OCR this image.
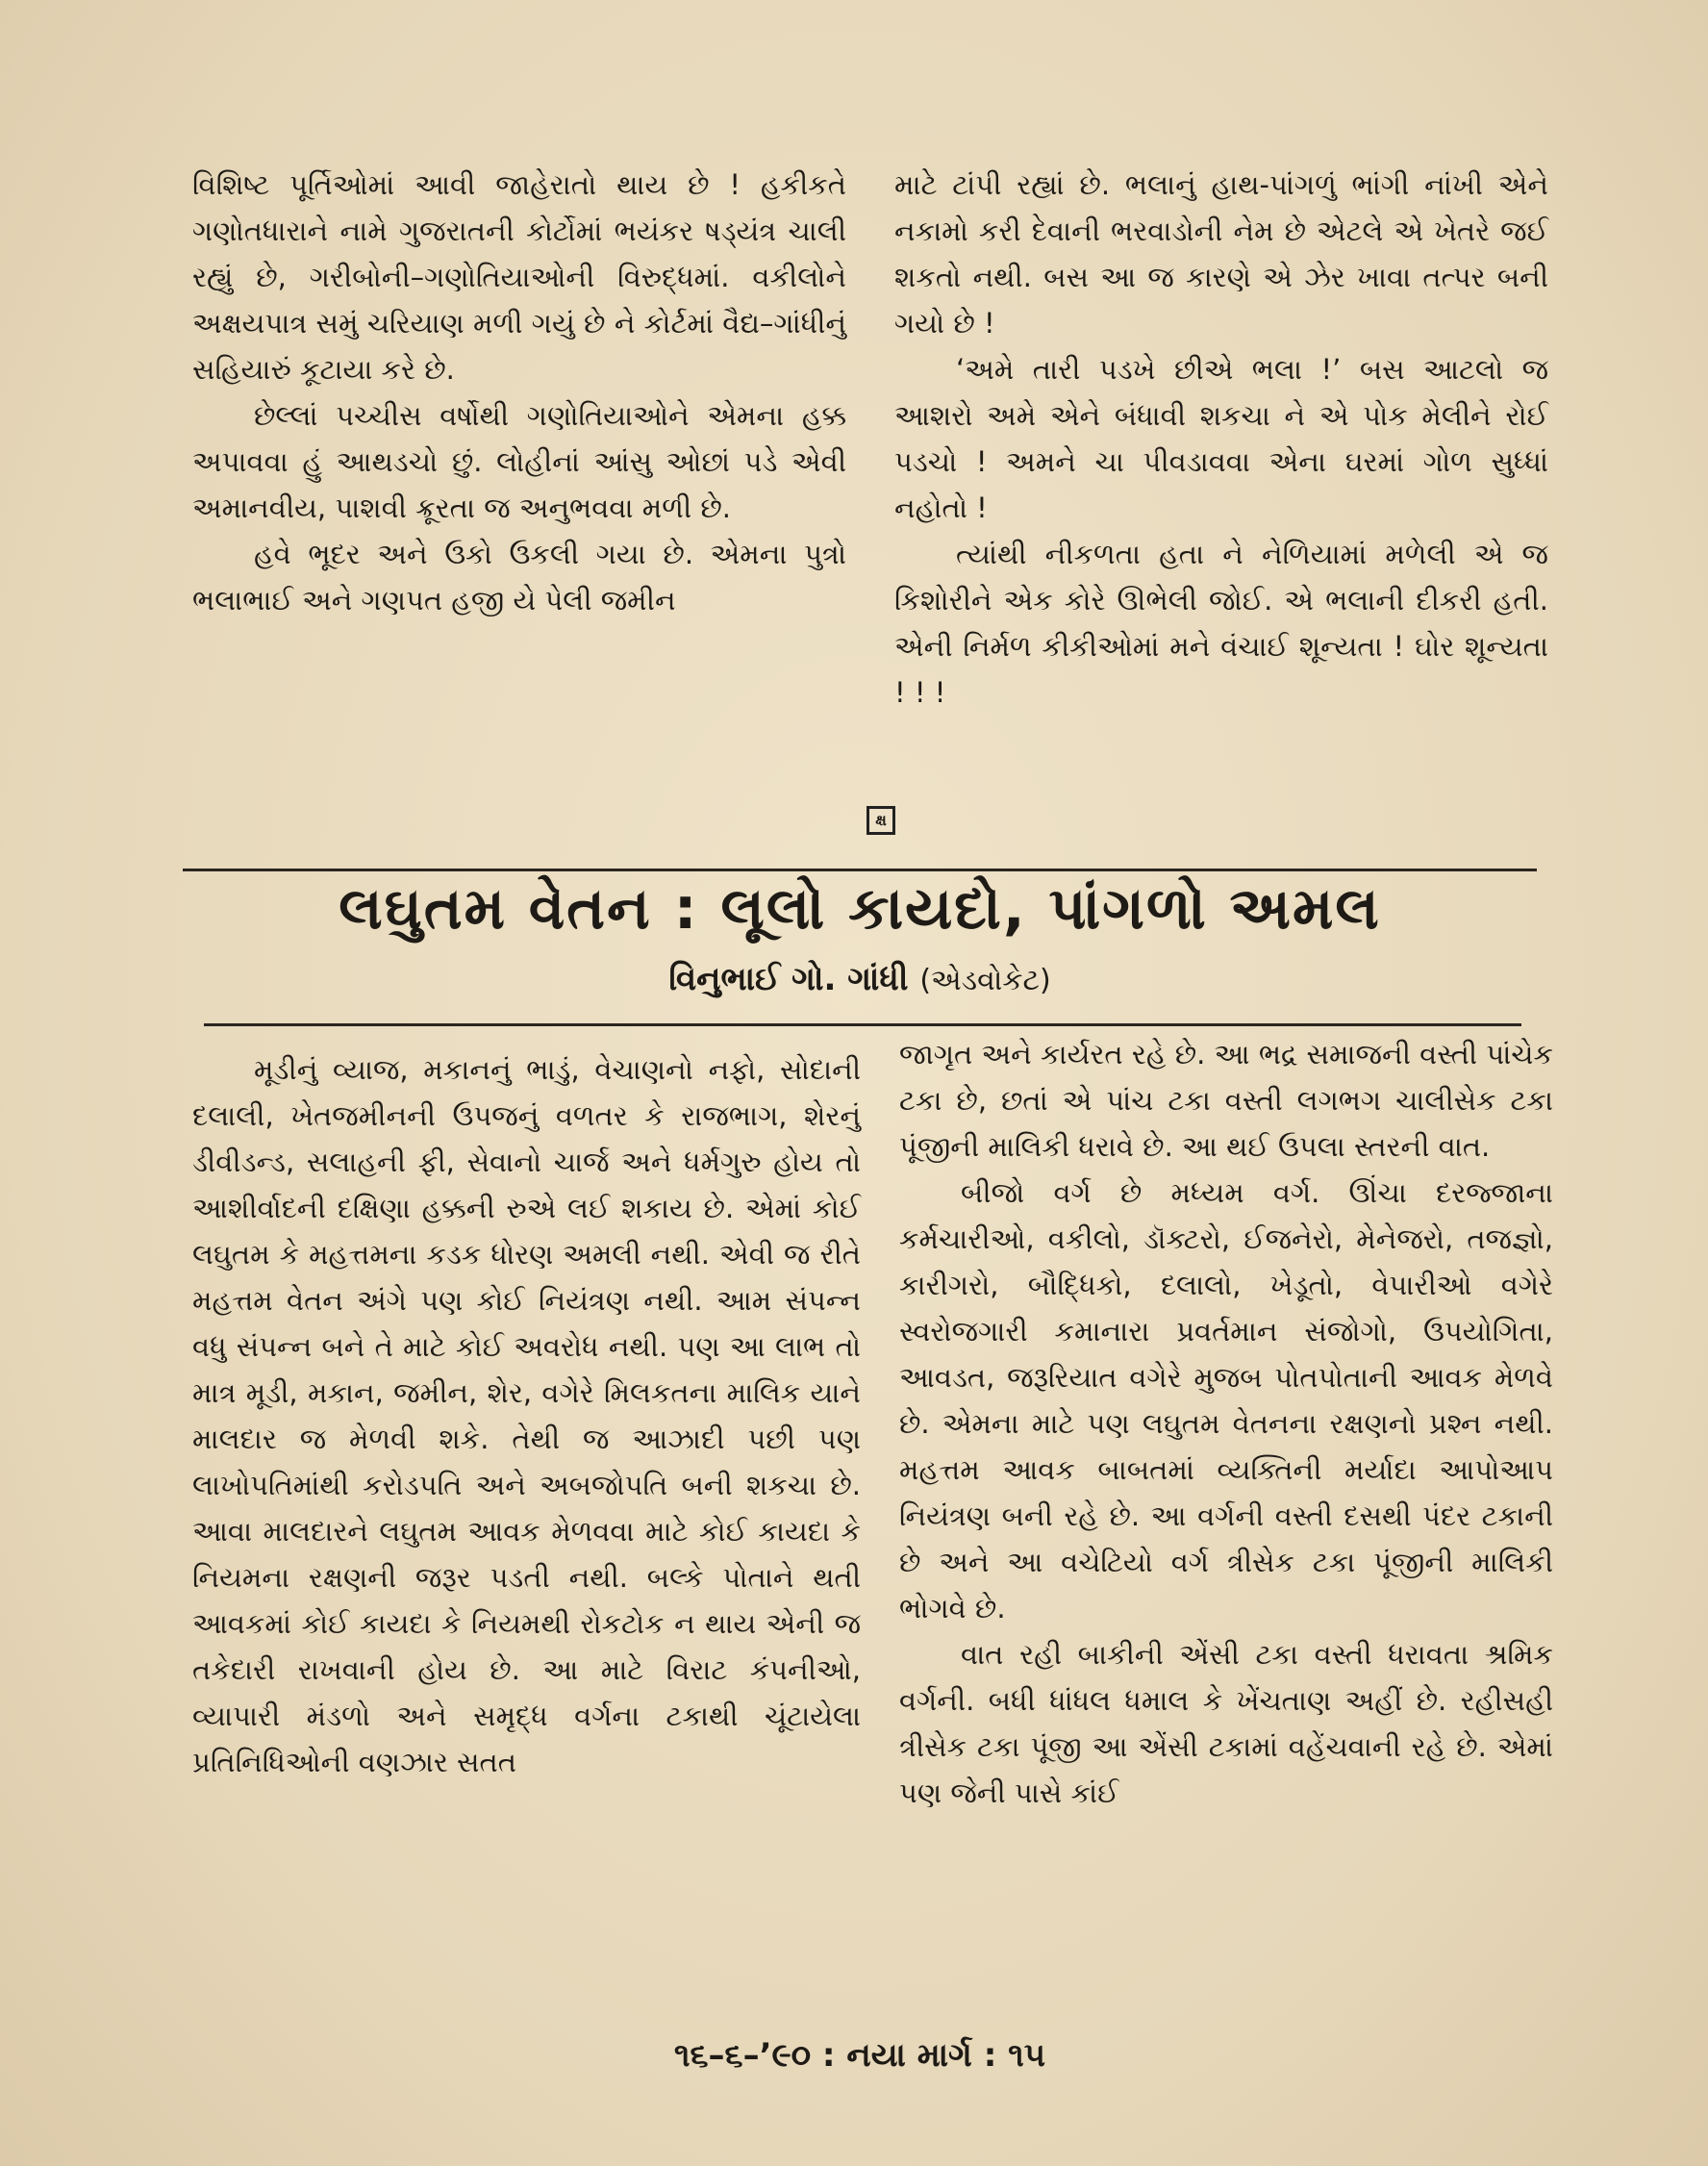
વિશિષ્ટ પૂર્તિઓમાં આવી જાહેરાતો થાય છે ! હકીકતે ગણોતધારાને નામે ગુજરાતની કોર્ટોમાં ભયંકર ષડ્‌યંત્ર ચાલી રહ્યું છે, ગરીબોની–ગણોતિયાઓની વિરુદ્ધમાં. વકીલોને અક્ષયપાત્ર સમું ચરિયાણ મળી ગયું છે ને કોર્ટમાં વૈદ્ય–ગાંધીનું સહિયારું કૂટાયા કરે છે.

છેલ્લાં પચ્ચીસ વર્ષોથી ગણોતિયાઓને એમના હક્ક અપાવવા હું આથડચો છું. લોહીનાં આંસુ ઓછાં પડે એવી અમાનવીય, પાશવી ક્રૂરતા જ અનુભવવા મળી છે.

હવે ભૂદર અને ઉકો ઉકલી ગયા છે. એમના પુત્રો ભલાભાઈ અને ગણપત હજી યે પેલી જમીન

માટે ટાંપી રહ્યાં છે. ભલાનું હાથ-પાંગળું ભાંગી નાંખી એને નકામો કરી દેવાની ભરવાડોની નેમ છે એટલે એ ખેતરે જઈ શકતો નથી. બસ આ જ કારણે એ ઝેર ખાવા તત્પર બની ગયો છે !

‘અમે તારી પડખે છીએ ભલા !’ બસ આટલો જ આશરો અમે એને બંધાવી શકચા ને એ પોક મેલીને રોઈ પડચો ! અમને ચા પીવડાવવા એના ઘરમાં ગોળ સુધ્ધાં નહોતો !

ત્યાંથી નીકળતા હતા ને નેળિયામાં મળેલી એ જ કિશોરીને એક કોરે ઊભેલી જોઈ. એ ભલાની દીકરી હતી. એની નિર્મળ કીકીઓમાં મને વંચાઈ શૂન્યતા ! ઘોર શૂન્યતા ! ! !

ક્ષ
લઘુતમ વેતન : લૂલો કાયદો, પાંગળો અમલ
વિનુભાઈ ગો. ગાંધી (એડવોકેટ)

મૂડીનું વ્યાજ, મકાનનું ભાડું, વેચાણનો નફો, સોદાની દલાલી, ખેતજમીનની ઉપજનું વળતર કે રાજભાગ, શેરનું ડીવીડન્ડ, સલાહની ફી, સેવાનો ચાર્જ અને ધર્મગુરુ હોય તો આશીર્વાદની દક્ષિણા હક્કની રુએ લઈ શકાય છે. એમાં કોઈ લઘુતમ કે મહત્તમના કડક ધોરણ અમલી નથી. એવી જ રીતે મહત્તમ વેતન અંગે પણ કોઈ નિયંત્રણ નથી. આમ સંપન્ન વધુ સંપન્ન બને તે માટે કોઈ અવરોધ નથી. પણ આ લાભ તો માત્ર મૂડી, મકાન, જમીન, શેર, વગેરે મિલકતના માલિક યાને માલદાર જ મેળવી શકે. તેથી જ આઝાદી પછી પણ લાખોપતિમાંથી કરોડપતિ અને અબજોપતિ બની શકચા છે. આવા માલદારને લઘુતમ આવક મેળવવા માટે કોઈ કાયદા કે નિયમના રક્ષણની જરૂર પડતી નથી. બલ્કે પોતાને થતી આવકમાં કોઈ કાયદા કે નિયમથી રોકટોક ન થાય એની જ તકેદારી રાખવાની હોય છે. આ માટે વિરાટ કંપનીઓ, વ્યાપારી મંડળો અને સમૃદ્ધ વર્ગના ટકાથી ચૂંટાયેલા પ્રતિનિધિઓની વણઝાર સતત

જાગૃત અને કાર્યરત રહે છે. આ ભદ્ર સમાજની વસ્તી પાંચેક ટકા છે, છતાં એ પાંચ ટકા વસ્તી લગભગ ચાલીસેક ટકા પૂંજીની માલિકી ધરાવે છે. આ થઈ ઉપલા સ્તરની વાત.

બીજો વર્ગ છે મધ્યમ વર્ગ. ઊંચા દરજ્જાના કર્મચારીઓ, વકીલો, ડૉક્ટરો, ઈજનેરો, મેનેજરો, તજજ્ઞો, કારીગરો, બૌદ્ધિકો, દલાલો, ખેડૂતો, વેપારીઓ વગેરે સ્વરોજગારી કમાનારા પ્રવર્તમાન સંજોગો, ઉપયોગિતા, આવડત, જરૂરિયાત વગેરે મુજબ પોતપોતાની આવક મેળવે છે. એમના માટે પણ લઘુતમ વેતનના રક્ષણનો પ્રશ્ન નથી. મહત્તમ આવક બાબતમાં વ્યક્તિની મર્યાદા આપોઆપ નિયંત્રણ બની રહે છે. આ વર્ગની વસ્તી દસથી પંદર ટકાની છે અને આ વચેટિયો વર્ગ ત્રીસેક ટકા પૂંજીની માલિકી ભોગવે છે.

વાત રહી બાકીની એંસી ટકા વસ્તી ધરાવતા શ્રમિક વર્ગની. બધી ધાંધલ ધમાલ કે ખેંચતાણ અહીં છે. રહીસહી ત્રીસેક ટકા પૂંજી આ એંસી ટકામાં વહેંચવાની રહે છે. એમાં પણ જેની પાસે કાંઈ

૧૬–૬–’૯૦ : નયા માર્ગ : ૧૫
